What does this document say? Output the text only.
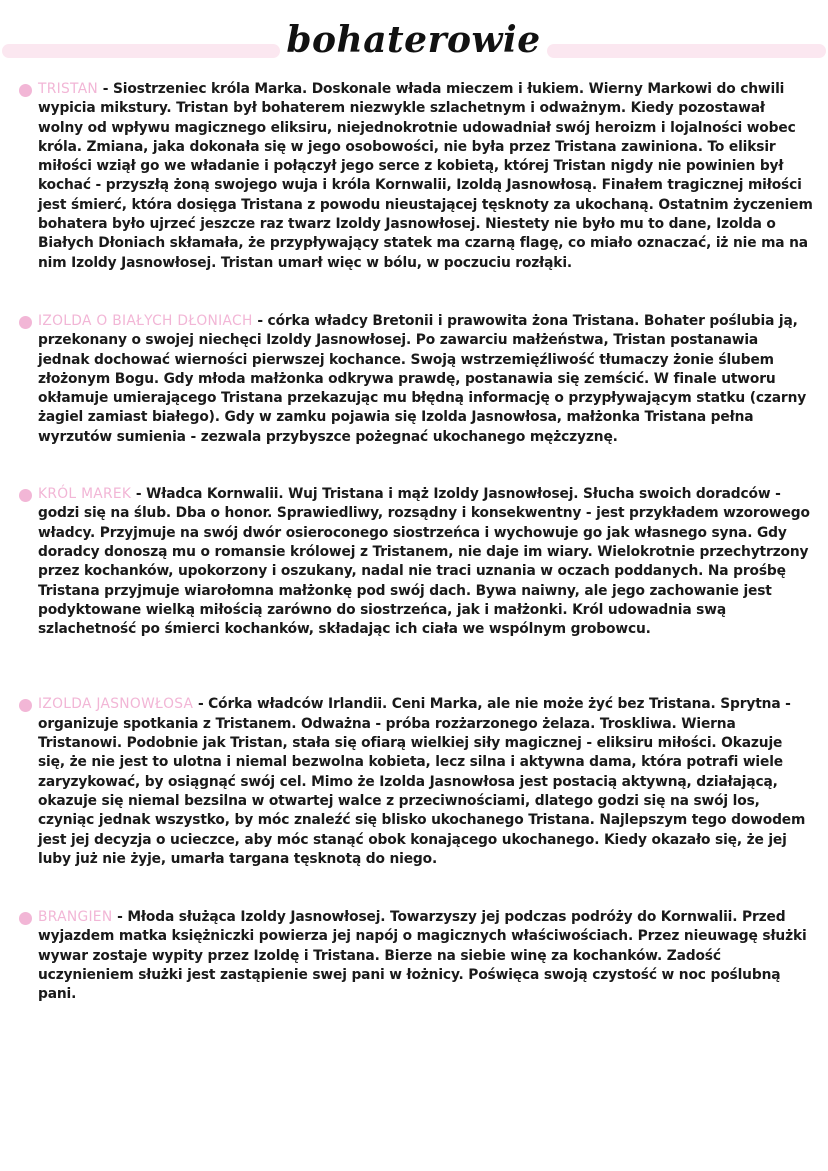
bohaterowie
TRISTAN - Siostrzeniec króla Marka. Doskonale włada mieczem i łukiem. Wierny Markowi do chwili wypicia mikstury. Tristan był bohaterem niezwykle szlachetnym i odważnym. Kiedy pozostawał wolny od wpływu magicznego eliksiru, niejednokrotnie udowadniał swój heroizm i lojalności wobec króla. Zmiana, jaka dokonała się w jego osobowości, nie była przez Tristana zawiniona. To eliksir miłości wziął go we władanie i połączył jego serce z kobietą, której Tristan nigdy nie powinien był kochać - przyszłą żoną swojego wuja i króla Kornwalii, Izoldą Jasnowłosą. Finałem tragicznej miłości jest śmierć, która dosięga Tristana z powodu nieustającej tęsknoty za ukochaną. Ostatnim życzeniem bohatera było ujrzeć jeszcze raz twarz Izoldy Jasnowłosej. Niestety nie było mu to dane, Izolda o Białych Dłoniach skłamała, że przypływający statek ma czarną flagę, co miało oznaczać, iż nie ma na nim Izoldy Jasnowłosej. Tristan umarł więc w bólu, w poczuciu rozłąki.
IZOLDA O BIAŁYCH DŁONIACH - córka władcy Bretonii i prawowita żona Tristana. Bohater poślubia ją, przekonany o swojej niechęci Izoldy Jasnowłosej. Po zawarciu małżeństwa, Tristan postanawia jednak dochować wierności pierwszej kochance. Swoją wstrzemięźliwość tłumaczy żonie ślubem złożonym Bogu. Gdy młoda małżonka odkrywa prawdę, postanawia się zemścić. W finale utworu okłamuje umierającego Tristana przekazując mu błędną informację o przypływającym statku (czarny żagiel zamiast białego). Gdy w zamku pojawia się Izolda Jasnowłosa, małżonka Tristana pełna wyrzutów sumienia - zezwala przybyszce pożegnać ukochanego mężczyznę.
KRÓL MAREK - Władca Kornwalii. Wuj Tristana i mąż Izoldy Jasnowłosej. Słucha swoich doradców - godzi się na ślub. Dba o honor. Sprawiedliwy, rozsądny i konsekwentny - jest przykładem wzorowego władcy. Przyjmuje na swój dwór osieroconego siostrzeńca i wychowuje go jak własnego syna. Gdy doradcy donoszą mu o romansie królowej z Tristanem, nie daje im wiary. Wielokrotnie przechytrzony przez kochanków, upokorzony i oszukany, nadal nie traci uznania w oczach poddanych. Na prośbę Tristana przyjmuje wiarołomna małżonkę pod swój dach. Bywa naiwny, ale jego zachowanie jest podyktowane wielką miłością zarówno do siostrzeńca, jak i małżonki. Król udowadnia swą szlachetność po śmierci kochanków, składając ich ciała we wspólnym grobowcu.
IZOLDA JASNOWŁOSA - Córka władców Irlandii. Ceni Marka, ale nie może żyć bez Tristana. Sprytna - organizuje spotkania z Tristanem. Odważna - próba rozżarzonego żelaza. Troskliwa. Wierna Tristanowi. Podobnie jak Tristan, stała się ofiarą wielkiej siły magicznej - eliksiru miłości. Okazuje się, że nie jest to ulotna i niemal bezwolna kobieta, lecz silna i aktywna dama, która potrafi wiele zaryzykować, by osiągnąć swój cel. Mimo że Izolda Jasnowłosa jest postacią aktywną, działającą, okazuje się niemal bezsilna w otwartej walce z przeciwnościami, dlatego godzi się na swój los, czyniąc jednak wszystko, by móc znaleźć się blisko ukochanego Tristana. Najlepszym tego dowodem jest jej decyzja o ucieczce, aby móc stanąć obok konającego ukochanego. Kiedy okazało się, że jej luby już nie żyje, umarła targana tęsknotą do niego.
BRANGIEN - Młoda służąca Izoldy Jasnowłosej. Towarzyszy jej podczas podróży do Kornwalii. Przed wyjazdem matka księżniczki powierza jej napój o magicznych właściwościach. Przez nieuwagę służki wywar zostaje wypity przez Izoldę i Tristana. Bierze na siebie winę za kochanków. Zadość uczynieniem służki jest zastąpienie swej pani w łożnicy. Poświęca swoją czystość w noc poślubną pani.
